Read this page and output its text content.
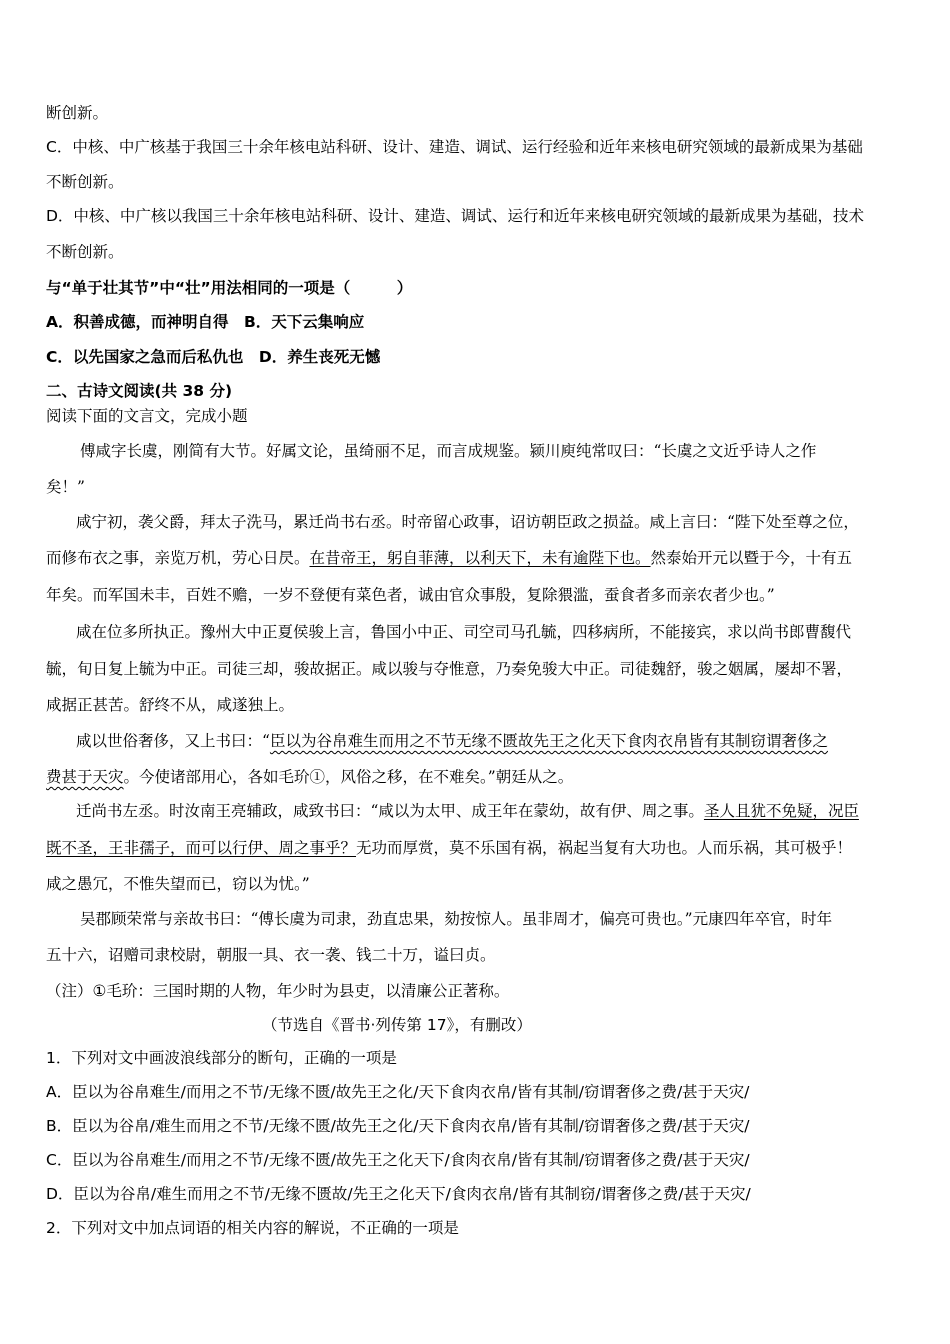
断创新。
C．中核、中广核基于我国三十余年核电站科研、设计、建造、调试、运行经验和近年来核电研究领域的最新成果为基础
不断创新。
D．中核、中广核以我国三十余年核电站科研、设计、建造、调试、运行和近年来核电研究领域的最新成果为基础，技术
不断创新。
与“单于壮其节”中“壮”用法相同的一项是（　　　）
A．积善成德，而神明自得　B．天下云集响应
C．以先国家之急而后私仇也　D．养生丧死无憾
二、古诗文阅读(共 38 分)
阅读下面的文言文，完成小题
傅咸字长虞，刚简有大节。好属文论，虽绮丽不足，而言成规鉴。颍川庾纯常叹曰：“长虞之文近乎诗人之作
矣！”
咸宁初，袭父爵，拜太子洗马，累迁尚书右丞。时帝留心政事，诏访朝臣政之损益。咸上言曰：“陛下处至尊之位，
而修布衣之事，亲览万机，劳心日昃。在昔帝王，躬自菲薄，以利天下，未有逾陛下也。然泰始开元以暨于今，十有五
年矣。而军国未丰，百姓不赡，一岁不登便有菜色者，诚由官众事殷，复除猥滥，蚕食者多而亲农者少也。”
咸在位多所执正。豫州大中正夏侯骏上言，鲁国小中正、司空司马孔毓，四移病所，不能接宾，求以尚书郎曹馥代
毓，旬日复上毓为中正。司徒三却，骏故据正。咸以骏与夺惟意，乃奏免骏大中正。司徒魏舒，骏之姻属，屡却不署，
咸据正甚苦。舒终不从，咸遂独上。
咸以世俗奢侈，又上书曰：“臣以为谷帛难生而用之不节无缘不匮故先王之化天下食肉衣帛皆有其制窃谓奢侈之
费甚于天灾。今使诸部用心，各如毛玠①，风俗之移，在不难矣。”朝廷从之。
迁尚书左丞。时汝南王亮辅政，咸致书曰：“咸以为太甲、成王年在蒙幼，故有伊、周之事。圣人且犹不免疑，况臣
既不圣，王非孺子，而可以行伊、周之事乎？无功而厚赏，莫不乐国有祸，祸起当复有大功也。人而乐祸，其可极乎！
咸之愚冗，不惟失望而已，窃以为忧。”
吴郡顾荣常与亲故书曰：“傅长虞为司隶，劲直忠果，劾按惊人。虽非周才，偏亮可贵也。”元康四年卒官，时年
五十六，诏赠司隶校尉，朝服一具、衣一袭、钱二十万，谥曰贞。
（注）①毛玠：三国时期的人物，年少时为县吏，以清廉公正著称。
（节选自《晋书·列传第 17》，有删改）
1．下列对文中画波浪线部分的断句，正确的一项是
A．臣以为谷帛难生/而用之不节/无缘不匮/故先王之化/天下食肉衣帛/皆有其制/窃谓奢侈之费/甚于天灾/
B．臣以为谷帛/难生而用之不节/无缘不匮/故先王之化/天下食肉衣帛/皆有其制/窃谓奢侈之费/甚于天灾/
C．臣以为谷帛难生/而用之不节/无缘不匮/故先王之化天下/食肉衣帛/皆有其制/窃谓奢侈之费/甚于天灾/
D．臣以为谷帛/难生而用之不节/无缘不匮故/先王之化天下/食肉衣帛/皆有其制窃/谓奢侈之费/甚于天灾/
2．下列对文中加点词语的相关内容的解说，不正确的一项是
